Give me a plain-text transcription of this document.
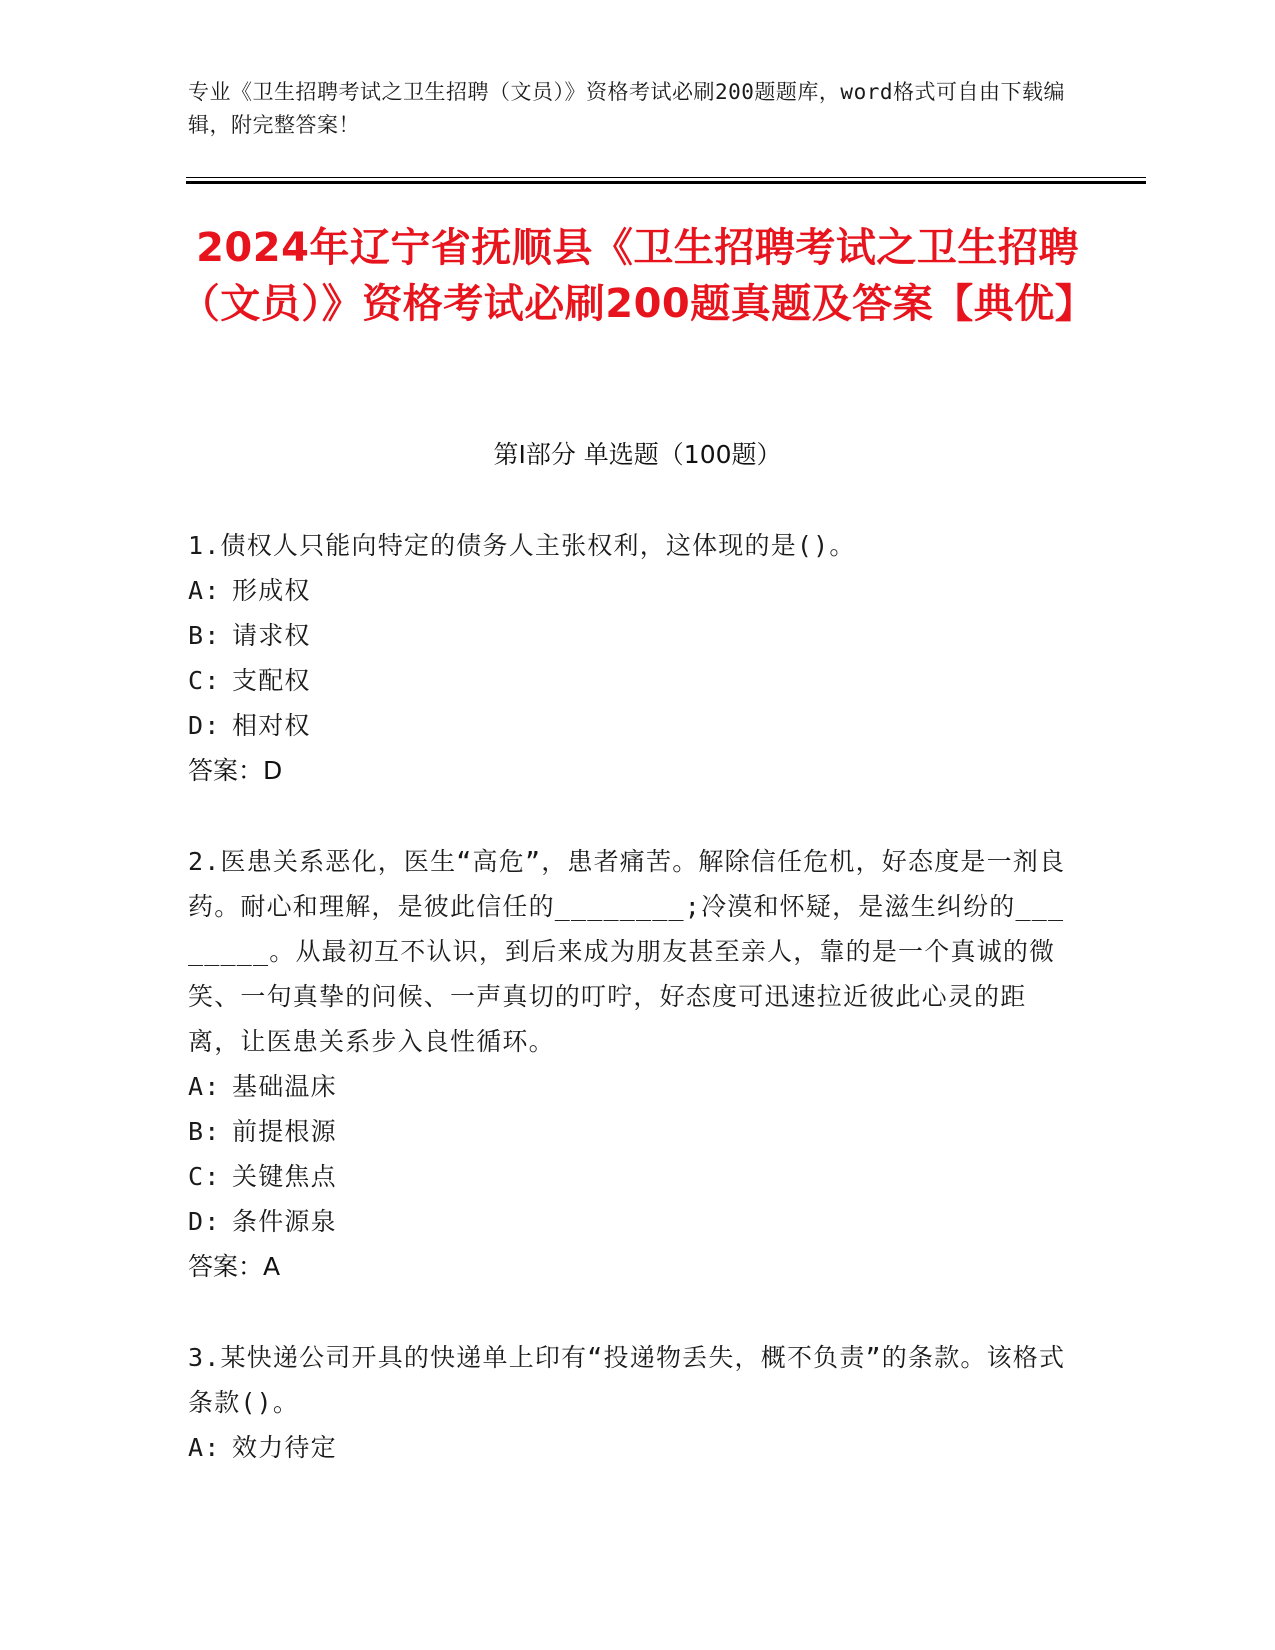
专业《卫生招聘考试之卫生招聘（文员）》资格考试必刷200题题库，word格式可自由下载编辑，附完整答案！
2024年辽宁省抚顺县《卫生招聘考试之卫生招聘（文员）》资格考试必刷200题真题及答案【典优】
第Ⅰ部分 单选题（100题）

1.债权人只能向特定的债务人主张权利，这体现的是()。

A: 形成权
B: 请求权
C: 支配权
D: 相对权
答案：D

2.医患关系恶化，医生“高危”，患者痛苦。解除信任危机，好态度是一剂良药。耐心和理解，是彼此信任的________;冷漠和怀疑，是滋生纠纷的________。从最初互不认识，到后来成为朋友甚至亲人，靠的是一个真诚的微笑、一句真挚的问候、一声真切的叮咛，好态度可迅速拉近彼此心灵的距离，让医患关系步入良性循环。

A: 基础温床
B: 前提根源
C: 关键焦点
D: 条件源泉
答案：A

3.某快递公司开具的快递单上印有“投递物丢失，概不负责”的条款。该格式条款()。

A: 效力待定
